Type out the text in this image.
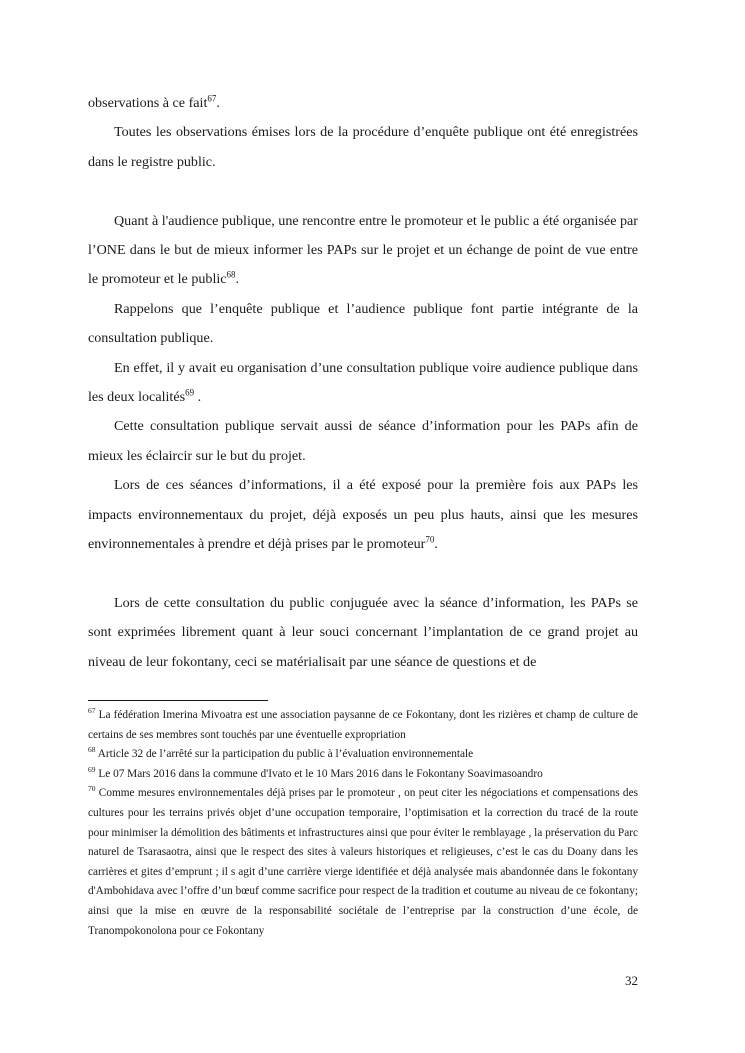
observations à ce fait$^{67}$.

Toutes les observations émises lors de la procédure d’enquête publique ont été enregistrées dans le registre public.

Quant à l'audience publique, une rencontre entre le promoteur et le public a été organisée par l’ONE dans le but de mieux informer les PAPs sur le projet et un échange de point de vue entre le promoteur et le public$^{68}$.

Rappelons que l’enquête publique et l’audience publique font partie intégrante de la consultation publique.

En effet, il y avait eu organisation d’une consultation publique voire audience publique dans les deux localités$^{69}$ .

Cette consultation publique servait aussi de séance d’information pour les PAPs afin de mieux les éclaircir sur le but du projet.

Lors de ces séances d’informations, il a été exposé pour la première fois aux PAPs les impacts environnementaux du projet, déjà exposés un peu plus hauts, ainsi que les mesures environnementales à prendre et déjà prises par le promoteur$^{70}$.

Lors de cette consultation du public conjuguée avec la séance d’information, les PAPs se sont exprimées librement quant à leur souci concernant l’implantation de ce grand projet au niveau de leur fokontany, ceci se matérialisait par une séance de questions et de

$^{67}$ La fédération Imerina Mivoatra est une association paysanne de ce Fokontany, dont les rizières et champ de culture de certains de ses membres sont touchés par une éventuelle expropriation

$^{68}$ Article 32 de l’arrêté sur la participation du public à l’évaluation environnementale

$^{69}$ Le 07 Mars 2016 dans la commune d'Ivato et le 10 Mars 2016 dans le Fokontany Soavimasoandro

$^{70}$ Comme mesures environnementales déjà prises par le promoteur , on peut citer les négociations et compensations des cultures pour les terrains privés objet d’une occupation temporaire, l’optimisation et la correction du tracé de la route pour minimiser la démolition des bâtiments et infrastructures ainsi que pour éviter le remblayage , la préservation du Parc naturel de Tsarasaotra, ainsi que le respect des sites à valeurs historiques et religieuses, c’est le cas du Doany dans les carrières et gites d’emprunt ; il s agit d’une carrière vierge identifiée et déjà analysée mais abandonnée dans le fokontany d'Ambohidava avec l’offre d’un bœuf comme sacrifice pour respect de la tradition et coutume au niveau de ce fokontany; ainsi que la mise en œuvre de la responsabilité sociétale de l’entreprise par la construction d’une école, de Tranompokonolona pour ce Fokontany

32
